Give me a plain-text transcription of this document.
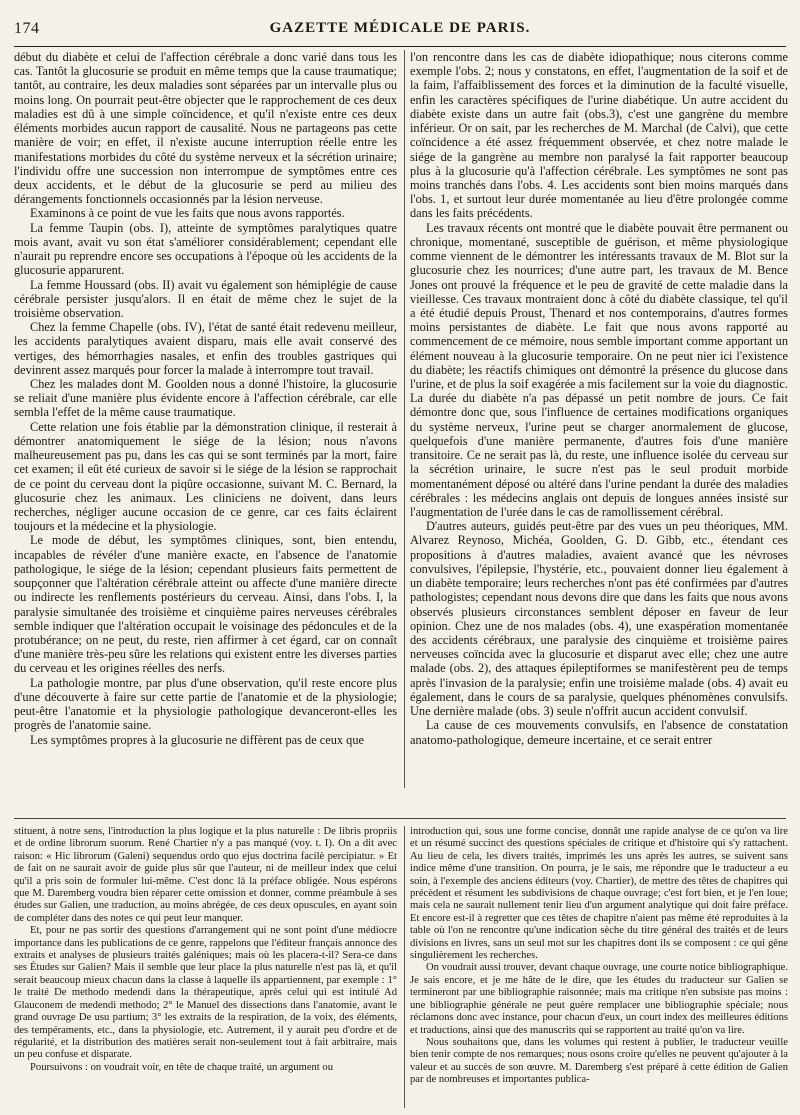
174	GAZETTE MÉDICALE DE PARIS.

début du diabète et celui de l'affection cérébrale a donc varié dans tous les cas. Tantôt la glucosurie se produit en même temps que la cause traumatique; tantôt, au contraire, les deux maladies sont séparées par un intervalle plus ou moins long. On pourrait peut-être objecter que le rapprochement de ces deux maladies est dû à une simple coïncidence, et qu'il n'existe entre ces deux éléments morbides aucun rapport de causalité. Nous ne partageons pas cette manière de voir; en effet, il n'existe aucune interruption réelle entre les manifestations morbides du côté du système nerveux et la sécrétion urinaire; l'individu offre une succession non interrompue de symptômes entre ces deux accidents, et le début de la glucosurie se perd au milieu des dérangements fonctionnels occasionnés par la lésion nerveuse.

Examinons à ce point de vue les faits que nous avons rapportés.

La femme Taupin (obs. I), atteinte de symptômes paralytiques quatre mois avant, avait vu son état s'améliorer considérablement; cependant elle n'aurait pu reprendre encore ses occupations à l'époque où les accidents de la glucosurie apparurent.

La femme Houssard (obs. II) avait vu également son hémiplégie de cause cérébrale persister jusqu'alors. Il en était de même chez le sujet de la troisième observation.

Chez la femme Chapelle (obs. IV), l'état de santé était redevenu meilleur, les accidents paralytiques avaient disparu, mais elle avait conservé des vertiges, des hémorrhagies nasales, et enfin des troubles gastriques qui devinrent assez marqués pour forcer la malade à interrompre tout travail.

Chez les malades dont M. Goolden nous a donné l'histoire, la glucosurie se reliait d'une manière plus évidente encore à l'affection cérébrale, car elle sembla l'effet de la même cause traumatique.

Cette relation une fois établie par la démonstration clinique, il resterait à démontrer anatomiquement le siége de la lésion; nous n'avons malheureusement pas pu, dans les cas qui se sont terminés par la mort, faire cet examen; il eût été curieux de savoir si le siége de la lésion se rapprochait de ce point du cerveau dont la piqûre occasionne, suivant M. C. Bernard, la glucosurie chez les animaux. Les cliniciens ne doivent, dans leurs recherches, négliger aucune occasion de ce genre, car ces faits éclairent toujours et la médecine et la physiologie.

Le mode de début, les symptômes cliniques, sont, bien entendu, incapables de révéler d'une manière exacte, en l'absence de l'anatomie pathologique, le siége de la lésion; cependant plusieurs faits permettent de soupçonner que l'altération cérébrale atteint ou affecte d'une manière directe ou indirecte les renflements postérieurs du cerveau. Ainsi, dans l'obs. I, la paralysie simultanée des troisième et cinquième paires nerveuses cérébrales semble indiquer que l'altération occupait le voisinage des pédoncules et de la protubérance; on ne peut, du reste, rien affirmer à cet égard, car on connaît d'une manière très-peu sûre les relations qui existent entre les diverses parties du cerveau et les origines réelles des nerfs.

La pathologie montre, par plus d'une observation, qu'il reste encore plus d'une découverte à faire sur cette partie de l'anatomie et de la physiologie; peut-être l'anatomie et la physiologie pathologique devanceront-elles les progrès de l'anatomie saine.

Les symptômes propres à la glucosurie ne diffèrent pas de ceux que

l'on rencontre dans les cas de diabète idiopathique; nous citerons comme exemple l'obs. 2; nous y constatons, en effet, l'augmentation de la soif et de la faim, l'affaiblissement des forces et la diminution de la faculté visuelle, enfin les caractères spécifiques de l'urine diabétique. Un autre accident du diabète existe dans un autre fait (obs.3), c'est une gangrène du membre inférieur. Or on sait, par les recherches de M. Marchal (de Calvi), que cette coïncidence a été assez fréquemment observée, et chez notre malade le siége de la gangrène au membre non paralysé la fait rapporter beaucoup plus à la glucosurie qu'à l'affection cérébrale. Les symptômes ne sont pas moins tranchés dans l'obs. 4. Les accidents sont bien moins marqués dans l'obs. 1, et surtout leur durée momentanée au lieu d'être prolongée comme dans les faits précédents.

Les travaux récents ont montré que le diabète pouvait être permanent ou chronique, momentané, susceptible de guérison, et même physiologique comme viennent de le démontrer les intéressants travaux de M. Blot sur la glucosurie chez les nourrices; d'une autre part, les travaux de M. Bence Jones ont prouvé la fréquence et le peu de gravité de cette maladie dans la vieillesse. Ces travaux montraient donc à côté du diabète classique, tel qu'il a été étudié depuis Proust, Thenard et nos contemporains, d'autres formes moins persistantes de diabète. Le fait que nous avons rapporté au commencement de ce mémoire, nous semble important comme apportant un élément nouveau à la glucosurie temporaire. On ne peut nier ici l'existence du diabète; les réactifs chimiques ont démontré la présence du glucose dans l'urine, et de plus la soif exagérée a mis facilement sur la voie du diagnostic. La durée du diabète n'a pas dépassé un petit nombre de jours. Ce fait démontre donc que, sous l'influence de certaines modifications organiques du système nerveux, l'urine peut se charger anormalement de glucose, quelquefois d'une manière permanente, d'autres fois d'une manière transitoire. Ce ne serait pas là, du reste, une influence isolée du cerveau sur la sécrétion urinaire, le sucre n'est pas le seul produit morbide momentanément déposé ou altéré dans l'urine pendant la durée des maladies cérébrales : les médecins anglais ont depuis de longues années insisté sur l'augmentation de l'urée dans le cas de ramollissement cérébral.

D'autres auteurs, guidés peut-être par des vues un peu théoriques, MM. Alvarez Reynoso, Michéa, Goolden, G. D. Gibb, etc., étendant ces propositions à d'autres maladies, avaient avancé que les névroses convulsives, l'épilepsie, l'hystérie, etc., pouvaient donner lieu également à un diabète temporaire; leurs recherches n'ont pas été confirmées par d'autres pathologistes; cependant nous devons dire que dans les faits que nous avons observés plusieurs circonstances semblent déposer en faveur de leur opinion. Chez une de nos malades (obs. 4), une exaspération momentanée des accidents cérébraux, une paralysie des cinquième et troisième paires nerveuses coïncida avec la glucosurie et disparut avec elle; chez une autre malade (obs. 2), des attaques épileptiformes se manifestèrent peu de temps après l'invasion de la paralysie; enfin une troisième malade (obs. 4) avait eu également, dans le cours de sa paralysie, quelques phénomènes convulsifs. Une dernière malade (obs. 3) seule n'offrit aucun accident convulsif.

La cause de ces mouvements convulsifs, en l'absence de constatation anatomo-pathologique, demeure incertaine, et ce serait entrer

stituent, à notre sens, l'introduction la plus logique et la plus naturelle : De libris propriis et de ordine librorum suorum. René Chartier n'y a pas manqué (voy. t. I). On a dit avec raison: « Hic librorum (Galeni) sequendus ordo quo ejus doctrina facilè percipiatur. » Et de fait on ne saurait avoir de guide plus sûr que l'auteur, ni de meilleur index que celui qu'il a pris soin de formuler lui-même. C'est donc là la préface obligée. Nous espérons que M. Daremberg voudra bien réparer cette omission et donner, comme préambule à ses études sur Galien, une traduction, au moins abrégée, de ces deux opuscules, en ayant soin de compléter dans des notes ce qui peut leur manquer.

Et, pour ne pas sortir des questions d'arrangement qui ne sont point d'une médiocre importance dans les publications de ce genre, rappelons que l'éditeur français annonce des extraits et analyses de plusieurs traités galéniques; mais où les placera-t-il? Sera-ce dans ses Études sur Galien? Mais il semble que leur place la plus naturelle n'est pas là, et qu'il serait beaucoup mieux chacun dans la classe à laquelle ils appartiennent, par exemple : 1° le traité De methodo medendi dans la thérapeutique, après celui qui est intitulé Ad Glauconem de medendi methodo; 2° le Manuel des dissections dans l'anatomie, avant le grand ouvrage De usu partium; 3° les extraits de la respiration, de la voix, des éléments, des tempéraments, etc., dans la physiologie, etc. Autrement, il y aurait peu d'ordre et de régularité, et la distribution des matières serait non-seulement tout à fait arbitraire, mais un peu confuse et disparate.

Poursuivons : on voudrait voir, en tête de chaque traité, un argument ou

introduction qui, sous une forme concise, donnât une rapide analyse de ce qu'on va lire et un résumé succinct des questions spéciales de critique et d'histoire qui s'y rattachent. Au lieu de cela, les divers traités, imprimés les uns après les autres, se suivent sans indice même d'une transition. On pourra, je le sais, me répondre que le traducteur a eu soin, à l'exemple des anciens éditeurs (voy. Chartier), de mettre des têtes de chapitres qui précèdent et résument les subdivisions de chaque ouvrage; c'est fort bien, et je l'en loue; mais cela ne saurait nullement tenir lieu d'un argument analytique qui doit faire préface. Et encore est-il à regretter que ces têtes de chapitre n'aient pas même été reproduites à la table où l'on ne rencontre qu'une indication sèche du titre général des traités et de leurs divisions en livres, sans un seul mot sur les chapitres dont ils se composent : ce qui gêne singulièrement les recherches.

On voudrait aussi trouver, devant chaque ouvrage, une courte notice bibliographique. Je sais encore, et je me hâte de le dire, que les études du traducteur sur Galien se termineront par une bibliographie raisonnée; mais ma critique n'en subsiste pas moins : une bibliographie générale ne peut guère remplacer une bibliographie spéciale; nous réclamons donc avec instance, pour chacun d'eux, un court index des meilleures éditions et traductions, ainsi que des manuscrits qui se rapportent au traité qu'on va lire.

Nous souhaitons que, dans les volumes qui restent à publier, le traducteur veuille bien tenir compte de nos remarques; nous osons croire qu'elles ne peuvent qu'ajouter à la valeur et au succès de son œuvre. M. Daremberg s'est préparé à cette édition de Galien par de nombreuses et importantes publica-
